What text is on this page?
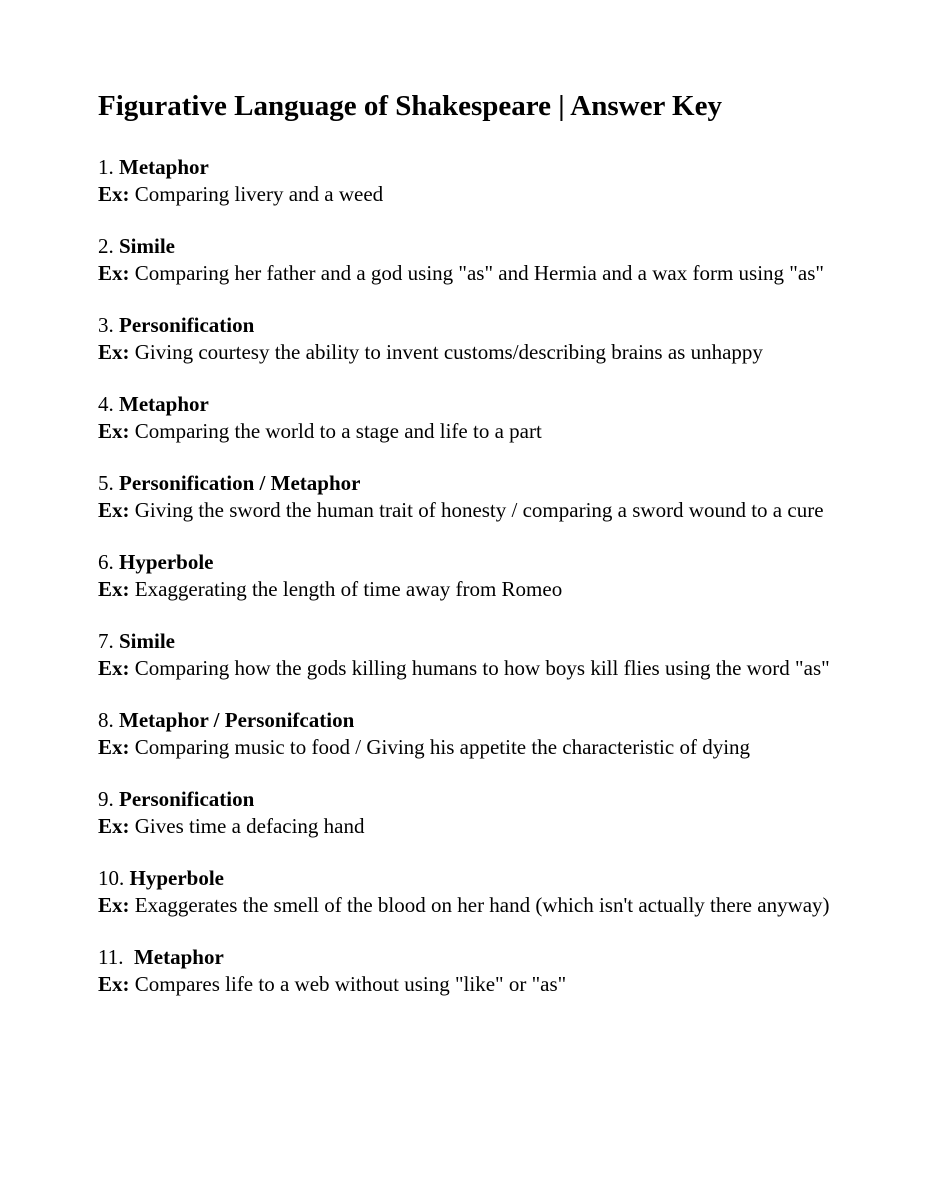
Figurative Language of Shakespeare | Answer Key
1. Metaphor
Ex: Comparing livery and a weed
2. Simile
Ex: Comparing her father and a god using "as" and Hermia and a wax form using "as"
3. Personification
Ex: Giving courtesy the ability to invent customs/describing brains as unhappy
4. Metaphor
Ex: Comparing the world to a stage and life to a part
5. Personification / Metaphor
Ex: Giving the sword the human trait of honesty / comparing a sword wound to a cure
6. Hyperbole
Ex: Exaggerating the length of time away from Romeo
7. Simile
Ex: Comparing how the gods killing humans to how boys kill flies using the word "as"
8. Metaphor / Personifcation
Ex: Comparing music to food / Giving his appetite the characteristic of dying
9. Personification
Ex: Gives time a defacing hand
10. Hyperbole
Ex: Exaggerates the smell of the blood on her hand (which isn't actually there anyway)
11. Metaphor
Ex: Compares life to a web without using "like" or "as"
